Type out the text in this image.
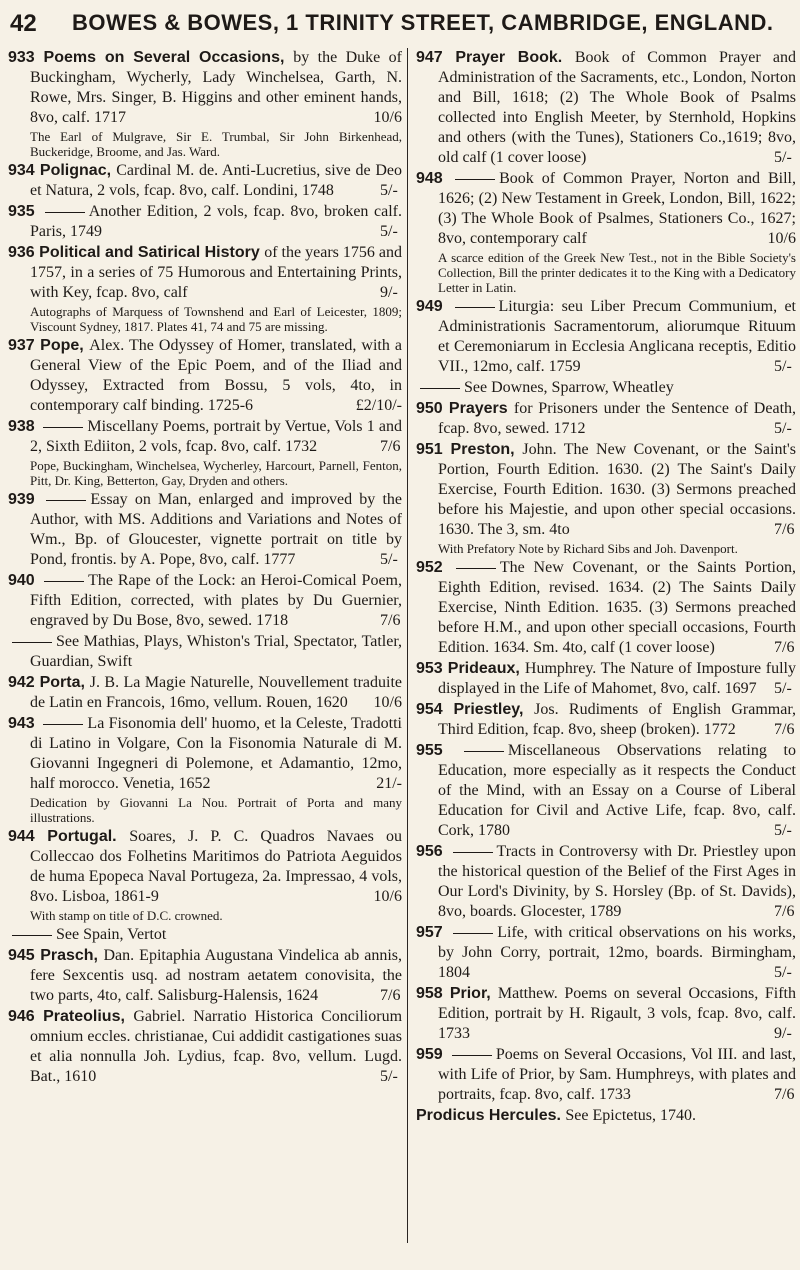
42 BOWES & BOWES, 1 TRINITY STREET, CAMBRIDGE, ENGLAND.

933 Poems on Several Occasions, by the Duke of Buckingham, Wycherly, Lady Winchelsea, Garth, N. Rowe, Mrs. Singer, B. Higgins and other eminent hands, 8vo, calf. 1717	10/6

The Earl of Mulgrave, Sir E. Trumbal, Sir John Birkenhead, Buckeridge, Broome, and Jas. Ward.

934 Polignac, Cardinal M. de. Anti-Lucretius, sive de Deo et Natura, 2 vols, fcap. 8vo, calf. Londini, 1748	5/-

935	Another Edition, 2 vols, fcap. 8vo, broken calf. Paris, 1749	5/-

936 Political and Satirical History of the years 1756 and 1757, in a series of 75 Humorous and Entertaining Prints, with Key, fcap. 8vo, calf	9/-

Autographs of Marquess of Townshend and Earl of Leicester, 1809; Viscount Sydney, 1817. Plates 41, 74 and 75 are missing.

937 Pope, Alex. The Odyssey of Homer, translated, with a General View of the Epic Poem, and of the Iliad and Odyssey, Extracted from Bossu, 5 vols, 4to, in contemporary calf binding. 1725-6	£2/10/-

938	Miscellany Poems, portrait by Vertue, Vols 1 and 2, Sixth Ediiton, 2 vols, fcap. 8vo, calf. 1732	7/6

Pope, Buckingham, Winchelsea, Wycherley, Harcourt, Parnell, Fenton, Pitt, Dr. King, Betterton, Gay, Dryden and others.

939	Essay on Man, enlarged and improved by the Author, with MS. Additions and Variations and Notes of Wm., Bp. of Gloucester, vignette portrait on title by Pond, frontis. by A. Pope, 8vo, calf. 1777	5/-

940	The Rape of the Lock: an Heroi-Comical Poem, Fifth Edition, corrected, with plates by Du Guernier, engraved by Du Bose, 8vo, sewed. 1718	7/6

See Mathias, Plays, Whiston's Trial, Spectator, Tatler, Guardian, Swift

942 Porta, J. B. La Magie Naturelle, Nouvellement traduite de Latin en Francois, 16mo, vellum. Rouen, 1620 10/6

943	La Fisonomia dell' huomo, et la Celeste, Tradotti di Latino in Volgare, Con la Fisonomia Naturale di M. Giovanni Ingegneri di Polemone, et Adamantio, 12mo, half morocco. Venetia, 1652	21/-

Dedication by Giovanni La Nou. Portrait of Porta and many illustrations.

944 Portugal. Soares, J. P. C. Quadros Navaes ou Colleccao dos Folhetins Maritimos do Patriota Aeguidos de huma Epopeca Naval Portugeza, 2a. Impressao, 4 vols, 8vo. Lisboa, 1861-9	10/6

With stamp on title of D.C. crowned.

See Spain, Vertot

945 Prasch, Dan. Epitaphia Augustana Vindelica ab annis, fere Sexcentis usq. ad nostram aetatem conovisita, the two parts, 4to, calf. Salisburg-Halensis, 1624	7/6

946 Prateolius, Gabriel. Narratio Historica Conciliorum omnium eccles. christianae, Cui addidit castigationes suas et alia nonnulla Joh. Lydius, fcap. 8vo, vellum. Lugd. Bat., 1610	5/-

947 Prayer Book. Book of Common Prayer and Administration of the Sacraments, etc., London, Norton and Bill, 1618; (2) The Whole Book of Psalms collected into English Meeter, by Sternhold, Hopkins and others (with the Tunes), Stationers Co.,1619; 8vo, old calf (1 cover loose)	5/-

948	Book of Common Prayer, Norton and Bill, 1626; (2) New Testament in Greek, London, Bill, 1622; (3) The Whole Book of Psalmes, Stationers Co., 1627; 8vo, contemporary calf	10/6

A scarce edition of the Greek New Test., not in the Bible Society's Collection, Bill the printer dedicates it to the King with a Dedicatory Letter in Latin.

949	Liturgia: seu Liber Precum Communium, et Administrationis Sacramentorum, aliorumque Rituum et Ceremoniarum in Ecclesia Anglicana receptis, Editio VII., 12mo, calf. 1759	5/-

See Downes, Sparrow, Wheatley

950 Prayers for Prisoners under the Sentence of Death, fcap. 8vo, sewed. 1712	5/-

951 Preston, John. The New Covenant, or the Saint's Portion, Fourth Edition. 1630. (2) The Saint's Daily Exercise, Fourth Edition. 1630. (3) Sermons preached before his Majestie, and upon other special occasions. 1630. The 3, sm. 4to	7/6

With Prefatory Note by Richard Sibs and Joh. Davenport.

952	The New Covenant, or the Saints Portion, Eighth Edition, revised. 1634. (2) The Saints Daily Exercise, Ninth Edition. 1635. (3) Sermons preached before H.M., and upon other speciall occasions, Fourth Edition. 1634. Sm. 4to, calf (1 cover loose)	7/6

953 Prideaux, Humphrey. The Nature of Imposture fully displayed in the Life of Mahomet, 8vo, calf. 1697 5/-

954 Priestley, Jos. Rudiments of English Grammar, Third Edition, fcap. 8vo, sheep (broken). 1772 7/6

955	Miscellaneous Observations relating to Education, more especially as it respects the Conduct of the Mind, with an Essay on a Course of Liberal Education for Civil and Active Life, fcap. 8vo, calf. Cork, 1780	5/-

956	Tracts in Controversy with Dr. Priestley upon the historical question of the Belief of the First Ages in Our Lord's Divinity, by S. Horsley (Bp. of St. Davids), 8vo, boards. Glocester, 1789	7/6

957	Life, with critical observations on his works, by John Corry, portrait, 12mo, boards. Birmingham, 1804	5/-

958 Prior, Matthew. Poems on several Occasions, Fifth Edition, portrait by H. Rigault, 3 vols, fcap. 8vo, calf. 1733	9/-

959	Poems on Several Occasions, Vol III. and last, with Life of Prior, by Sam. Humphreys, with plates and portraits, fcap. 8vo, calf. 1733	7/6

Prodicus Hercules. See Epictetus, 1740.
